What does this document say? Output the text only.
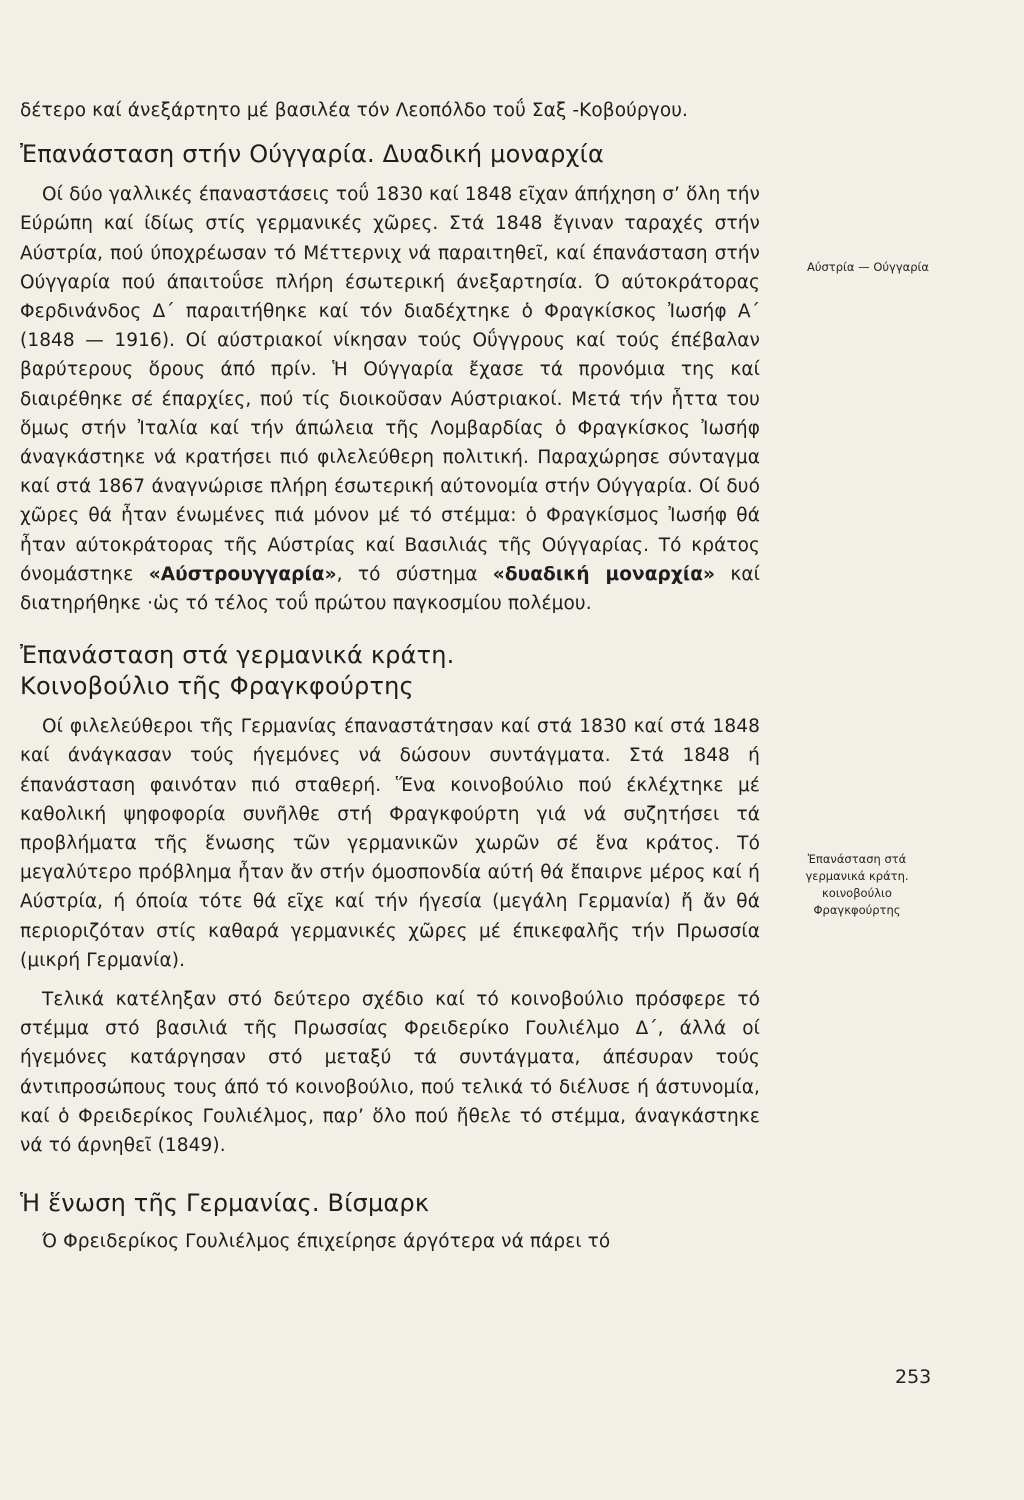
δέτερο καί άνεξάρτητο μέ βασιλέα τόν Λεοπόλδο τοΰ Σαξ -Κοβούργου.

Ἐπανάσταση στήν Ούγγαρία. Δυαδική μοναρχία

Οί δύο γαλλικές έπαναστάσεις τοΰ 1830 καί 1848 εῖχαν άπήχηση σ’ ὅλη τήν Εύρώπη καί ίδίως στίς γερμανικές χῶρες. Στά 1848 ἔγιναν ταραχές στήν Αύστρία, πού ύποχρέωσαν τό Μέττερνιχ νά παραιτηθεῖ, καί έπανάσταση στήν Ούγγαρία πού άπαιτοΰσε πλήρη έσωτερική άνεξαρτησία. Ό αύτοκράτορας Φερδινάνδος Δ΄ παραιτήθηκε καί τόν διαδέχτηκε ὁ Φραγκίσκος Ἰωσήφ Α΄ (1848 — 1916). Οί αύστριακοί νίκησαν τούς Οΰγγρους καί τούς έπέβαλαν βαρύτερους ὅρους άπό πρίν. Ἡ Ούγγαρία ἔχασε τά προνόμια της καί διαιρέθηκε σέ έπαρχίες, πού τίς διοικοῦσαν Αύστριακοί. Μετά τήν ἧττα του ὅμως στήν Ἰταλία καί τήν άπώλεια τῆς Λομβαρδίας ὁ Φραγκίσκος Ἰωσήφ άναγκάστηκε νά κρατήσει πιό φιλελεύθερη πολιτική. Παραχώρησε σύνταγμα καί στά 1867 άναγνώρισε πλήρη έσωτερική αύτονομία στήν Ούγγαρία. Οί δυό χῶρες θά ἦταν ένωμένες πιά μόνον μέ τό στέμμα: ὁ Φραγκίσμος Ἰωσήφ θά ἦταν αύτοκράτορας τῆς Αύστρίας καί Βασιλιάς τῆς Ούγγαρίας. Τό κράτος όνομάστηκε «Αύστρουγγαρία», τό σύστημα «δυαδική μοναρχία» καί διατηρήθηκε ·ὡς τό τέλος τοΰ πρώτου παγκοσμίου πολέμου.

Ἐπανάσταση στά γερμανικά κράτη.
Κοινοβούλιο τῆς Φραγκφούρτης

Οί φιλελεύθεροι τῆς Γερμανίας έπαναστάτησαν καί στά 1830 καί στά 1848 καί άνάγκασαν τούς ήγεμόνες νά δώσουν συντάγματα. Στά 1848 ή έπανάσταση φαινόταν πιό σταθερή. Ἕνα κοινοβούλιο πού έκλέχτηκε μέ καθολική ψηφοφορία συνῆλθε στή Φραγκφούρτη γιά νά συζητήσει τά προβλήματα τῆς ἕνωσης τῶν γερμανικῶν χωρῶν σέ ἕνα κράτος. Τό μεγαλύτερο πρόβλημα ἦταν ἄν στήν όμοσπονδία αύτή θά ἔπαιρνε μέρος καί ή Αύστρία, ή όποία τότε θά εῖχε καί τήν ήγεσία (μεγάλη Γερμανία) ἤ ἄν θά περιοριζόταν στίς καθαρά γερμανικές χῶρες μέ έπικεφαλῆς τήν Πρωσσία (μικρή Γερμανία).

Τελικά κατέληξαν στό δεύτερο σχέδιο καί τό κοινοβούλιο πρόσφερε τό στέμμα στό βασιλιά τῆς Πρωσσίας Φρειδερίκο Γουλιέλμο Δ΄, άλλά οί ήγεμόνες κατάργησαν στό μεταξύ τά συντάγματα, άπέσυραν τούς άντιπροσώπους τους άπό τό κοινοβούλιο, πού τελικά τό διέλυσε ή άστυνομία, καί ὁ Φρειδερίκος Γουλιέλμος, παρ’ ὅλο πού ἤθελε τό στέμμα, άναγκάστηκε νά τό άρνηθεῖ (1849).

Ἡ ἕνωση τῆς Γερμανίας. Βίσμαρκ

Ό Φρειδερίκος Γουλιέλμος έπιχείρησε άργότερα νά πάρει τό

Αύστρία — Ούγγαρία
Ἐπανάσταση στά
γερμανικά κράτη.
κοινοβούλιο
Φραγκφούρτης
253
